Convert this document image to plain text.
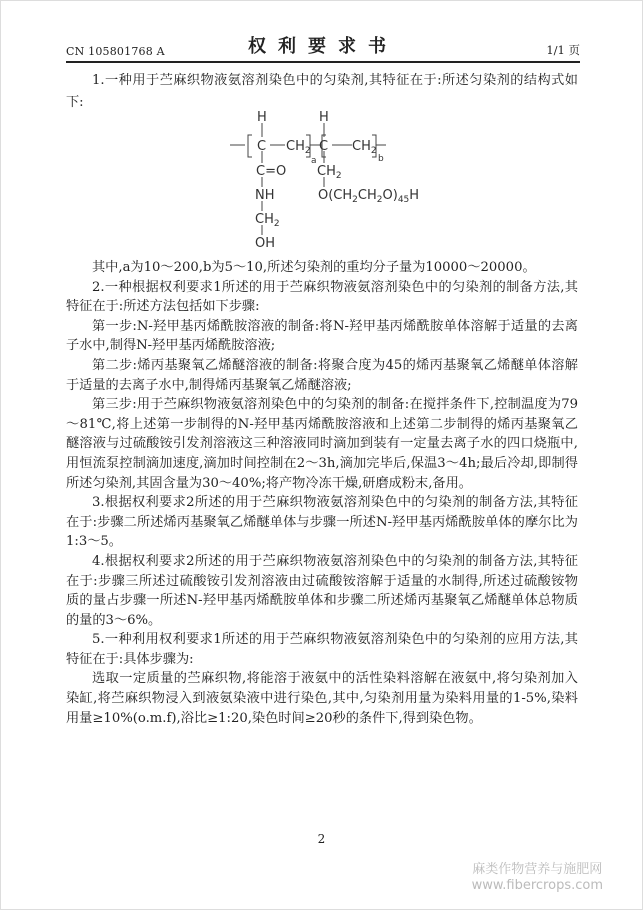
CN 105801768 A	权利要求书	1/1 页
1.一种用于苎麻织物液氨溶剂染色中的匀染剂,其特征在于:所述匀染剂的结构式如
下:
H
C $CH_2$
a
H
C $CH_2$
b
C=O
NH
$CH_2$
OH
$CH_2$
$O(CH_2CH_2O)_{45}H$
其中,a为10～200,b为5～10,所述匀染剂的重均分子量为10000～20000。
2.一种根据权利要求1所述的用于苎麻织物液氨溶剂染色中的匀染剂的制备方法,其
特征在于:所述方法包括如下步骤:
第一步:N-羟甲基丙烯酰胺溶液的制备:将N-羟甲基丙烯酰胺单体溶解于适量的去离
子水中,制得N-羟甲基丙烯酰胺溶液;
第二步:烯丙基聚氧乙烯醚溶液的制备:将聚合度为45的烯丙基聚氧乙烯醚单体溶解
于适量的去离子水中,制得烯丙基聚氧乙烯醚溶液;
第三步:用于苎麻织物液氨溶剂染色中的匀染剂的制备:在搅拌条件下,控制温度为79
～81℃,将上述第一步制得的N-羟甲基丙烯酰胺溶液和上述第二步制得的烯丙基聚氧乙
醚溶液与过硫酸铵引发剂溶液这三种溶液同时滴加到装有一定量去离子水的四口烧瓶中,
用恒流泵控制滴加速度,滴加时间控制在2～3h,滴加完毕后,保温3～4h;最后冷却,即制得
所述匀染剂,其固含量为30～40%;将产物冷冻干燥,研磨成粉末,备用。
3.根据权利要求2所述的用于苎麻织物液氨溶剂染色中的匀染剂的制备方法,其特征
在于:步骤二所述烯丙基聚氧乙烯醚单体与步骤一所述N-羟甲基丙烯酰胺单体的摩尔比为
1:3～5。
4.根据权利要求2所述的用于苎麻织物液氨溶剂染色中的匀染剂的制备方法,其特征
在于:步骤三所述过硫酸铵引发剂溶液由过硫酸铵溶解于适量的水制得,所述过硫酸铵物
质的量占步骤一所述N-羟甲基丙烯酰胺单体和步骤二所述烯丙基聚氧乙烯醚单体总物质
的量的3～6%。
5.一种利用权利要求1所述的用于苎麻织物液氨溶剂染色中的匀染剂的应用方法,其
特征在于:具体步骤为:
选取一定质量的苎麻织物,将能溶于液氨中的活性染料溶解在液氨中,将匀染剂加入
染缸,将苎麻织物浸入到液氨染液中进行染色,其中,匀染剂用量为染料用量的1-5%,染料
用量≥10%(o.m.f),浴比≥1:20,染色时间≥20秒的条件下,得到染色物。
2
麻类作物营养与施肥网
www.fibercrops.com
